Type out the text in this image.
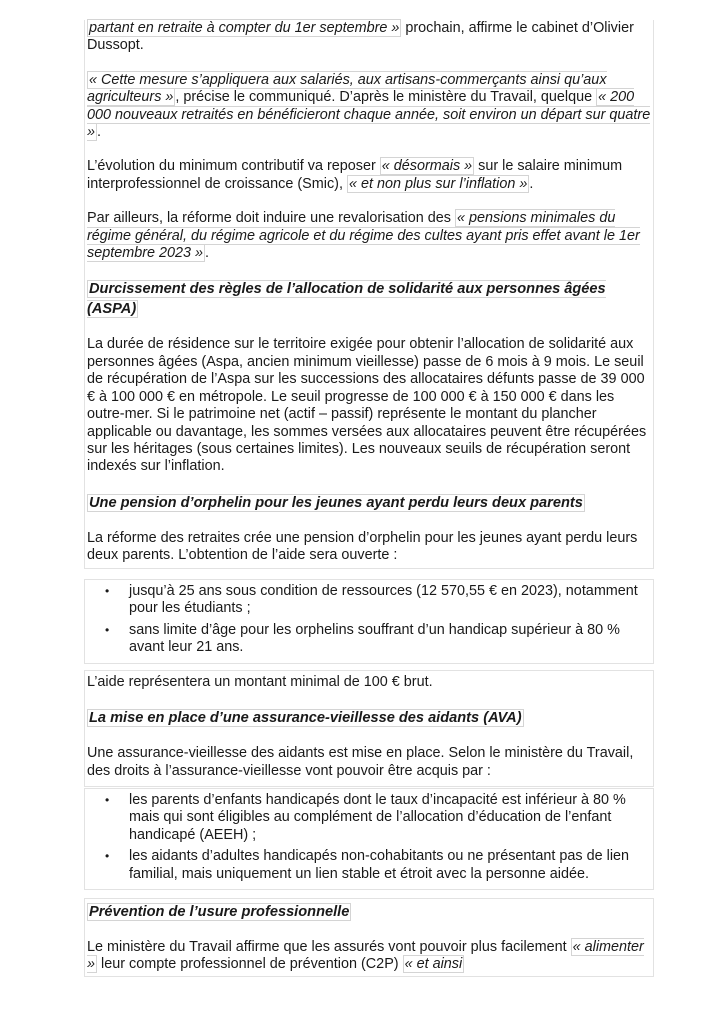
partant en retraite à compter du 1er septembre » prochain, affirme le cabinet d’Olivier Dussopt.

« Cette mesure s’appliquera aux salariés, aux artisans-commerçants ainsi qu’aux agriculteurs » , précise le communiqué. D’après le ministère du Travail, quelque « 200 000 nouveaux retraités en bénéficieront chaque année, soit environ un départ sur quatre » .

L’évolution du minimum contributif va reposer « désormais » sur le salaire minimum interprofessionnel de croissance (Smic), « et non plus sur l’inflation » .

Par ailleurs, la réforme doit induire une revalorisation des « pensions minimales du régime général, du régime agricole et du régime des cultes ayant pris effet avant le 1er septembre 2023 » .

Durcissement des règles de l’allocation de solidarité aux personnes âgées (ASPA)

La durée de résidence sur le territoire exigée pour obtenir l’allocation de solidarité aux personnes âgées (Aspa, ancien minimum vieillesse) passe de 6 mois à 9 mois. Le seuil de récupération de l’Aspa sur les successions des allocataires défunts passe de 39 000 € à 100 000 € en métropole. Le seuil progresse de 100 000 € à 150 000 € dans les outre-mer. Si le patrimoine net (actif – passif) représente le montant du plancher applicable ou davantage, les sommes versées aux allocataires peuvent être récupérées sur les héritages (sous certaines limites). Les nouveaux seuils de récupération seront indexés sur l’inflation.

Une pension d’orphelin pour les jeunes ayant perdu leurs deux parents

La réforme des retraites crée une pension d’orphelin pour les jeunes ayant perdu leurs deux parents. L’obtention de l’aide sera ouverte :

• jusqu’à 25 ans sous condition de ressources (12 570,55 € en 2023), notamment pour les étudiants ;
• sans limite d’âge pour les orphelins souffrant d’un handicap supérieur à 80 % avant leur 21 ans.

L’aide représentera un montant minimal de 100 € brut.

La mise en place d’une assurance-vieillesse des aidants (AVA)

Une assurance-vieillesse des aidants est mise en place. Selon le ministère du Travail, des droits à l’assurance-vieillesse vont pouvoir être acquis par :

• les parents d’enfants handicapés dont le taux d’incapacité est inférieur à 80 % mais qui sont éligibles au complément de l’allocation d’éducation de l’enfant handicapé (AEEH) ;
• les aidants d’adultes handicapés non-cohabitants ou ne présentant pas de lien familial, mais uniquement un lien stable et étroit avec la personne aidée.
Prévention de l’usure professionnelle

Le ministère du Travail affirme que les assurés vont pouvoir plus facilement « alimenter » leur compte professionnel de prévention (C2P) « et ainsi
